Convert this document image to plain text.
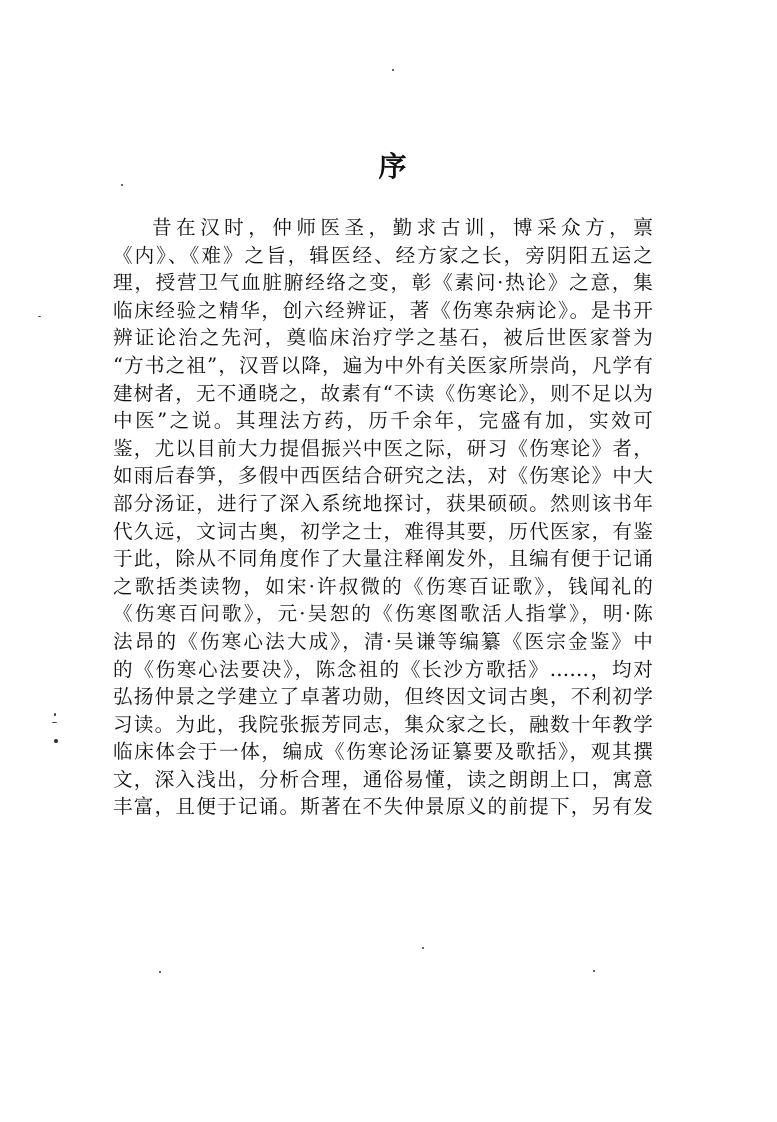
序
昔在汉时，仲师医圣，勤求古训，博采众方，禀
《内》、《难》之旨，辑医经、经方家之长，旁阴阳五运之
理，授营卫气血脏腑经络之变，彰《素问·热论》之意，集
临床经验之精华，创六经辨证，著《伤寒杂病论》。是书开
辨证论治之先河，奠临床治疗学之基石，被后世医家誉为
“方书之祖”，汉晋以降，遍为中外有关医家所崇尚，凡学有
建树者，无不通晓之，故素有“不读《伤寒论》，则不足以为
中医”之说。其理法方药，历千余年，完盛有加，实效可
鉴，尤以目前大力提倡振兴中医之际，研习《伤寒论》者，
如雨后春笋，多假中西医结合研究之法，对《伤寒论》中大
部分汤证，进行了深入系统地探讨，获果硕硕。然则该书年
代久远，文词古奥，初学之士，难得其要，历代医家，有鉴
于此，除从不同角度作了大量注释阐发外，且编有便于记诵
之歌括类读物，如宋·许叔微的《伤寒百证歌》，钱闻礼的
《伤寒百问歌》，元·吴恕的《伤寒图歌活人指掌》，明·陈
法昂的《伤寒心法大成》，清·吴谦等编纂《医宗金鉴》中
的《伤寒心法要决》，陈念祖的《长沙方歌括》……，均对
弘扬仲景之学建立了卓著功勋，但终因文词古奥，不利初学
习读。为此，我院张振芳同志，集众家之长，融数十年教学
临床体会于一体，编成《伤寒论汤证纂要及歌括》，观其撰
文，深入浅出，分析合理，通俗易懂，读之朗朗上口，寓意
丰富，且便于记诵。斯著在不失仲景原义的前提下，另有发
